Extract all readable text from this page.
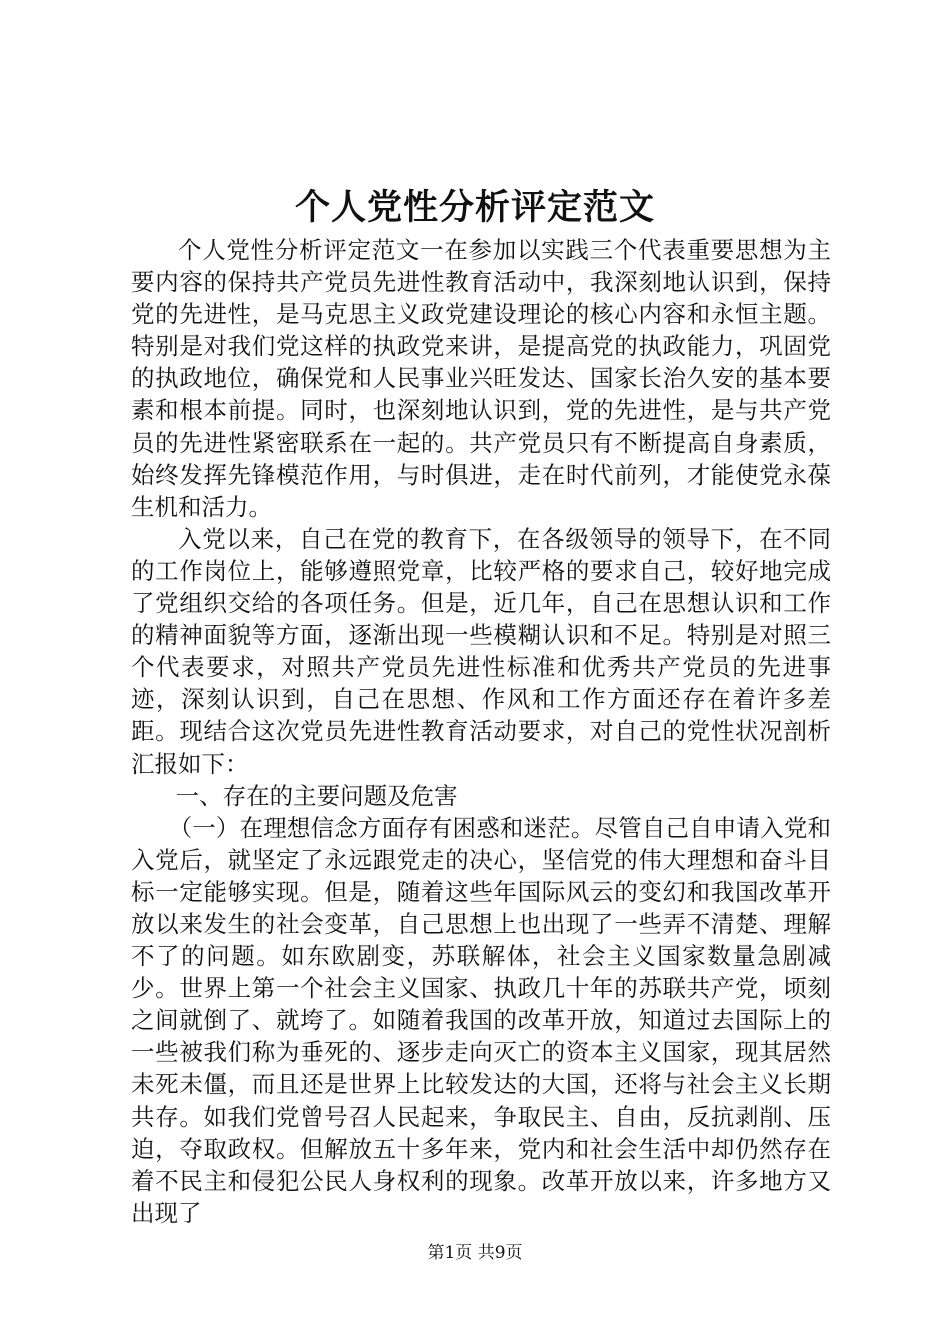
个人党性分析评定范文

个人党性分析评定范文一在参加以实践三个代表重要思想为主要内容的保持共产党员先进性教育活动中，我深刻地认识到，保持党的先进性，是马克思主义政党建设理论的核心内容和永恒主题。特别是对我们党这样的执政党来讲，是提高党的执政能力，巩固党的执政地位，确保党和人民事业兴旺发达、国家长治久安的基本要素和根本前提。同时，也深刻地认识到，党的先进性，是与共产党员的先进性紧密联系在一起的。共产党员只有不断提高自身素质，始终发挥先锋模范作用，与时俱进，走在时代前列，才能使党永葆生机和活力。

入党以来，自己在党的教育下，在各级领导的领导下，在不同的工作岗位上，能够遵照党章，比较严格的要求自己，较好地完成了党组织交给的各项任务。但是，近几年，自己在思想认识和工作的精神面貌等方面，逐渐出现一些模糊认识和不足。特别是对照三个代表要求，对照共产党员先进性标准和优秀共产党员的先进事迹，深刻认识到，自己在思想、作风和工作方面还存在着许多差距。现结合这次党员先进性教育活动要求，对自己的党性状况剖析汇报如下：

一、存在的主要问题及危害

（一）在理想信念方面存有困惑和迷茫。尽管自己自申请入党和入党后，就坚定了永远跟党走的决心，坚信党的伟大理想和奋斗目标一定能够实现。但是，随着这些年国际风云的变幻和我国改革开放以来发生的社会变革，自己思想上也出现了一些弄不清楚、理解不了的问题。如东欧剧变，苏联解体，社会主义国家数量急剧减少。世界上第一个社会主义国家、执政几十年的苏联共产党，顷刻之间就倒了、就垮了。如随着我国的改革开放，知道过去国际上的一些被我们称为垂死的、逐步走向灭亡的资本主义国家，现其居然未死未僵，而且还是世界上比较发达的大国，还将与社会主义长期共存。如我们党曾号召人民起来，争取民主、自由，反抗剥削、压迫，夺取政权。但解放五十多年来，党内和社会生活中却仍然存在着不民主和侵犯公民人身权利的现象。改革开放以来，许多地方又出现了

第1页 共9页
